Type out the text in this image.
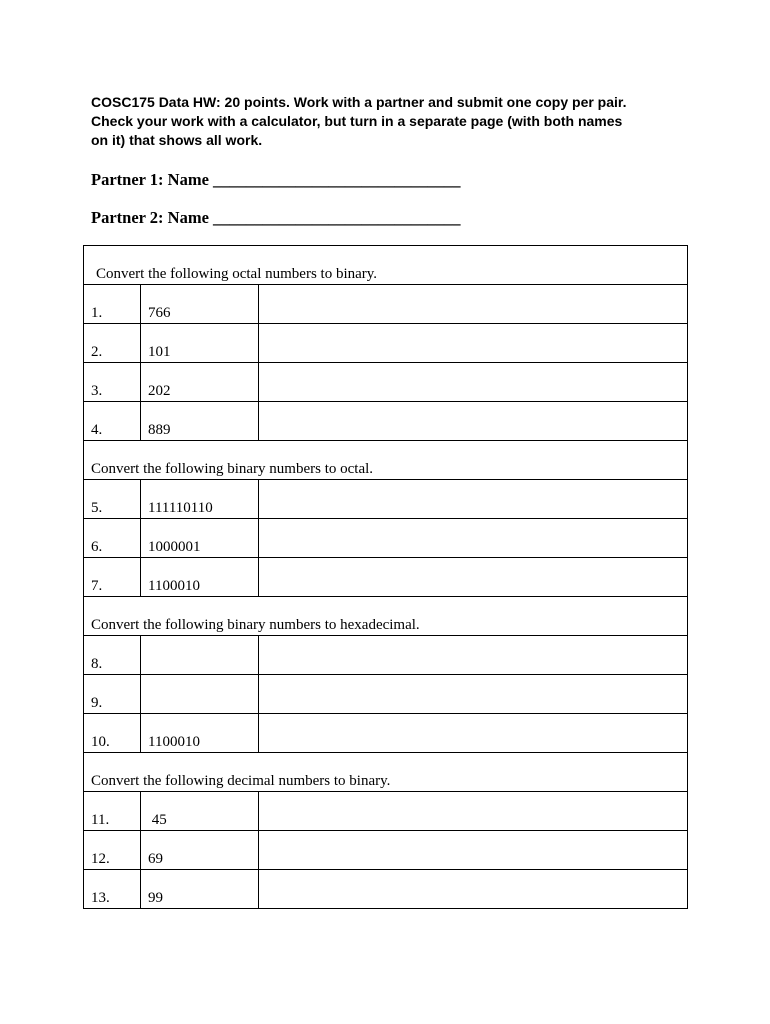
COSC175 Data HW: 20 points. Work with a partner and submit one copy per pair.
Check your work with a calculator, but turn in a separate page (with both names
on it) that shows all work.
Partner 1: Name ______________________________
Partner 2: Name ______________________________
Convert the following octal numbers to binary.		
1.	766	
2.	101	
3.	202	
4.	889	
Convert the following binary numbers to octal.		
5.	111110110	
6.	1000001	
7.	1100010	
Convert the following binary numbers to hexadecimal.		
8.		
9.		
10.	1100010	
Convert the following decimal numbers to binary.		
11.	45	
12.	69	
13.	99	
